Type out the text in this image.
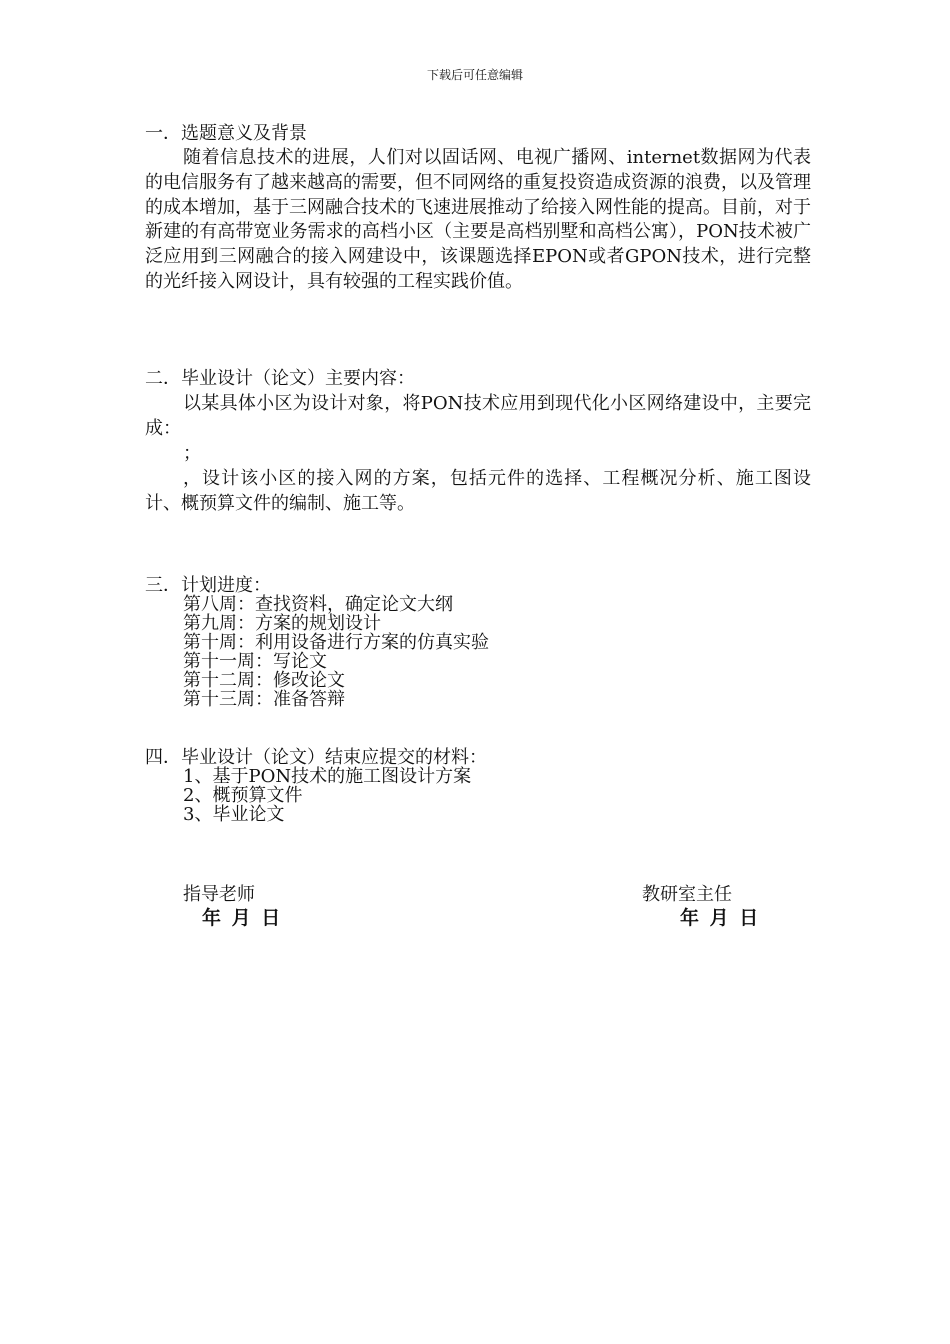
下载后可任意编辑
一．选题意义及背景
随着信息技术的进展，人们对以固话网、电视广播网、internet数据网为代表的电信服务有了越来越高的需要，但不同网络的重复投资造成资源的浪费，以及管理的成本增加，基于三网融合技术的飞速进展推动了给接入网性能的提高。目前，对于新建的有高带宽业务需求的高档小区（主要是高档别墅和高档公寓），PON技术被广泛应用到三网融合的接入网建设中，该课题选择EPON或者GPON技术，进行完整的光纤接入网设计，具有较强的工程实践价值。
二．毕业设计（论文）主要内容：
以某具体小区为设计对象，将PON技术应用到现代化小区网络建设中，主要完成：
；
，设计该小区的接入网的方案，包括元件的选择、工程概况分析、施工图设计、概预算文件的编制、施工等。
三．计划进度：
第八周：查找资料，确定论文大纲
第九周：方案的规划设计
第十周：利用设备进行方案的仿真实验
第十一周：写论文
第十二周：修改论文
第十三周：准备答辩
四．毕业设计（论文）结束应提交的材料：
1、基于PON技术的施工图设计方案
2、概预算文件
3、毕业论文
指导老师
年 月 日
教研室主任
年 月 日
